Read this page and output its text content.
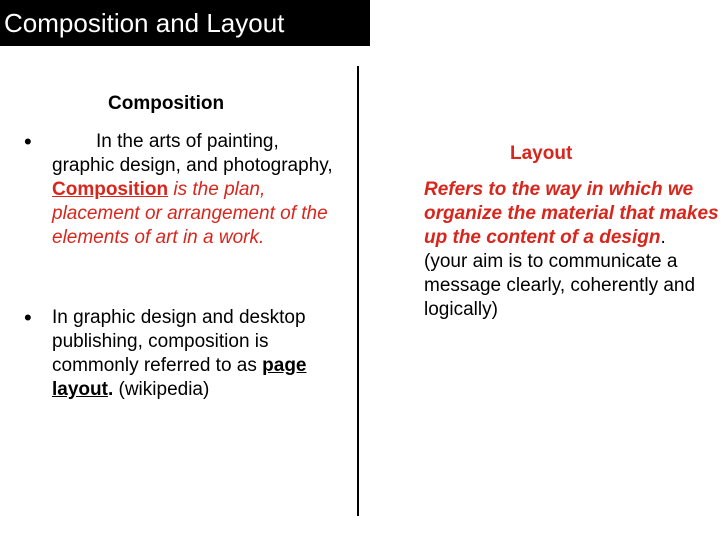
Composition and Layout
Composition
•	In the arts of painting, graphic design, and photography, Composition is the plan, placement or arrangement of the elements of art in a work.
• In graphic design and desktop publishing, composition is commonly referred to as page layout. (wikipedia)
Layout
Refers to the way in which we organize the material that makes up the content of a design.
(your aim is to communicate a message clearly, coherently and logically)
